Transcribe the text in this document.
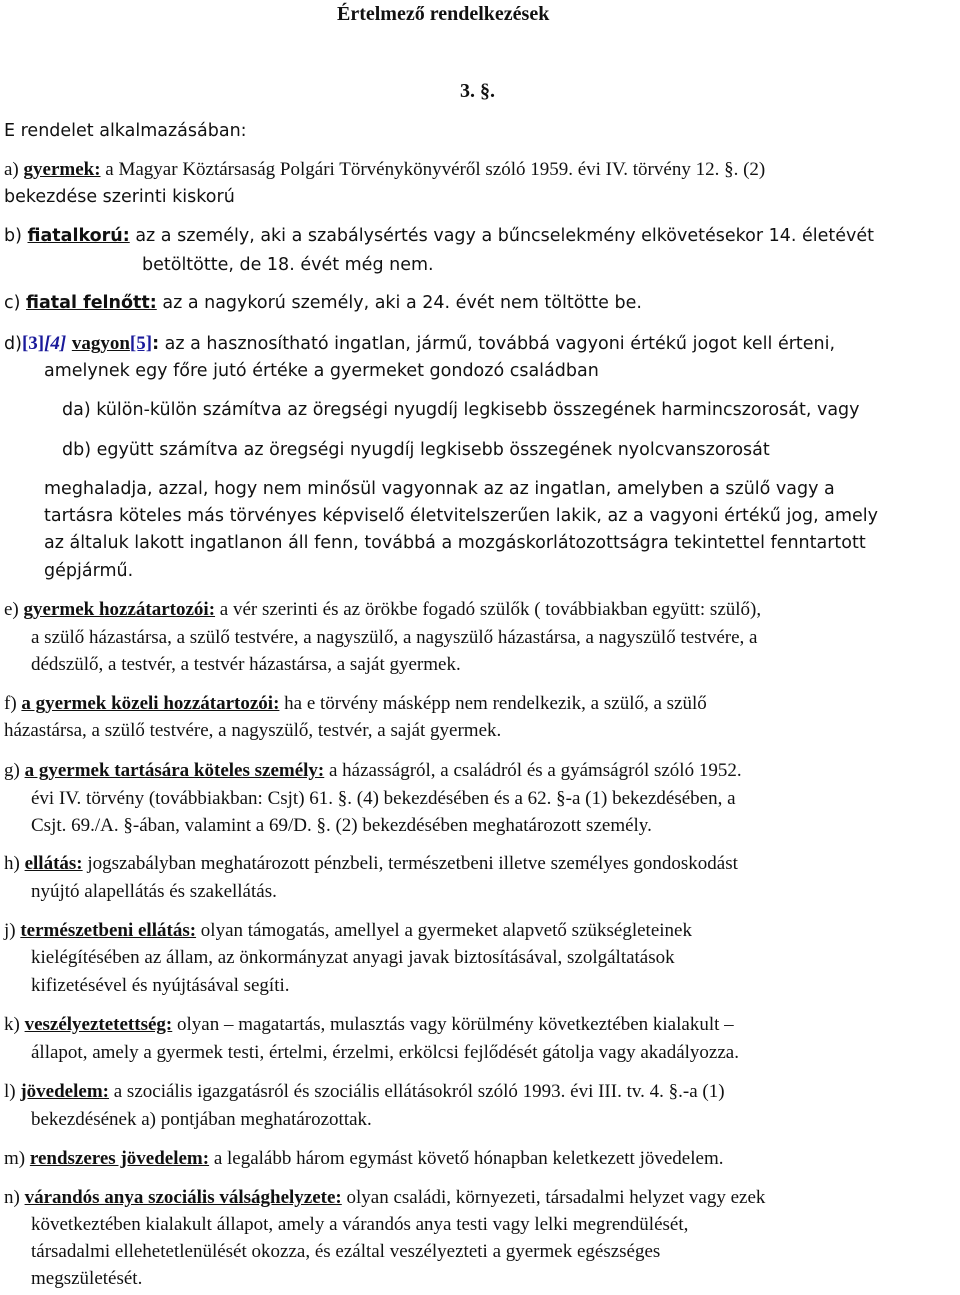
Értelmező rendelkezések
3. §.
E rendelet alkalmazásában:
a) gyermek: a Magyar Köztársaság Polgári Törvénykönyvéről szóló 1959. évi IV. törvény 12. §. (2)
bekezdése szerinti kiskorú
b) fiatalkorú: az a személy, aki a szabálysértés vagy a bűncselekmény elkövetésekor 14. életévét
betöltötte, de 18. évét még nem.
c) fiatal felnőtt: az a nagykorú személy, aki a 24. évét nem töltötte be.
d)[3][4] vagyon[5]: az a hasznosítható ingatlan, jármű, továbbá vagyoni értékű jogot kell érteni,
amelynek egy főre jutó értéke a gyermeket gondozó családban
da) külön-külön számítva az öregségi nyugdíj legkisebb összegének harmincszorosát, vagy
db) együtt számítva az öregségi nyugdíj legkisebb összegének nyolcvanszorosát
meghaladja, azzal, hogy nem minősül vagyonnak az az ingatlan, amelyben a szülő vagy a
tartásra köteles más törvényes képviselő életvitelszerűen lakik, az a vagyoni értékű jog, amely
az általuk lakott ingatlanon áll fenn, továbbá a mozgáskorlátozottságra tekintettel fenntartott
gépjármű.
e) gyermek hozzátartozói: a vér szerinti és az örökbe fogadó szülők ( továbbiakban együtt: szülő),
a szülő házastársa, a szülő testvére, a nagyszülő, a nagyszülő házastársa, a nagyszülő testvére, a
dédszülő, a testvér, a testvér házastársa, a saját gyermek.
f) a gyermek közeli hozzátartozói: ha e törvény másképp nem rendelkezik, a szülő, a szülő
házastársa, a szülő testvére, a nagyszülő, testvér, a saját gyermek.
g) a gyermek tartására köteles személy: a házasságról, a családról és a gyámságról szóló 1952.
évi IV. törvény (továbbiakban: Csjt) 61. §. (4) bekezdésében és a 62. §-a (1) bekezdésében, a
Csjt. 69./A. §-ában, valamint a 69/D. §. (2) bekezdésében meghatározott személy.
h) ellátás: jogszabályban meghatározott pénzbeli, természetbeni illetve személyes gondoskodást
nyújtó alapellátás és szakellátás.
j) természetbeni ellátás: olyan támogatás, amellyel a gyermeket alapvető szükségleteinek
kielégítésében az állam, az önkormányzat anyagi javak biztosításával, szolgáltatások
kifizetésével és nyújtásával segíti.
k) veszélyeztetettség: olyan – magatartás, mulasztás vagy körülmény következtében kialakult –
állapot, amely a gyermek testi, értelmi, érzelmi, erkölcsi fejlődését gátolja vagy akadályozza.
l) jövedelem: a szociális igazgatásról és szociális ellátásokról szóló 1993. évi III. tv. 4. §.-a (1)
bekezdésének a) pontjában meghatározottak.
m) rendszeres jövedelem: a legalább három egymást követő hónapban keletkezett jövedelem.
n) várandós anya szociális válsághelyzete: olyan családi, környezeti, társadalmi helyzet vagy ezek
következtében kialakult állapot, amely a várandós anya testi vagy lelki megrendülését,
társadalmi ellehetetlenülését okozza, és ezáltal veszélyezteti a gyermek egészséges
megszületését.
